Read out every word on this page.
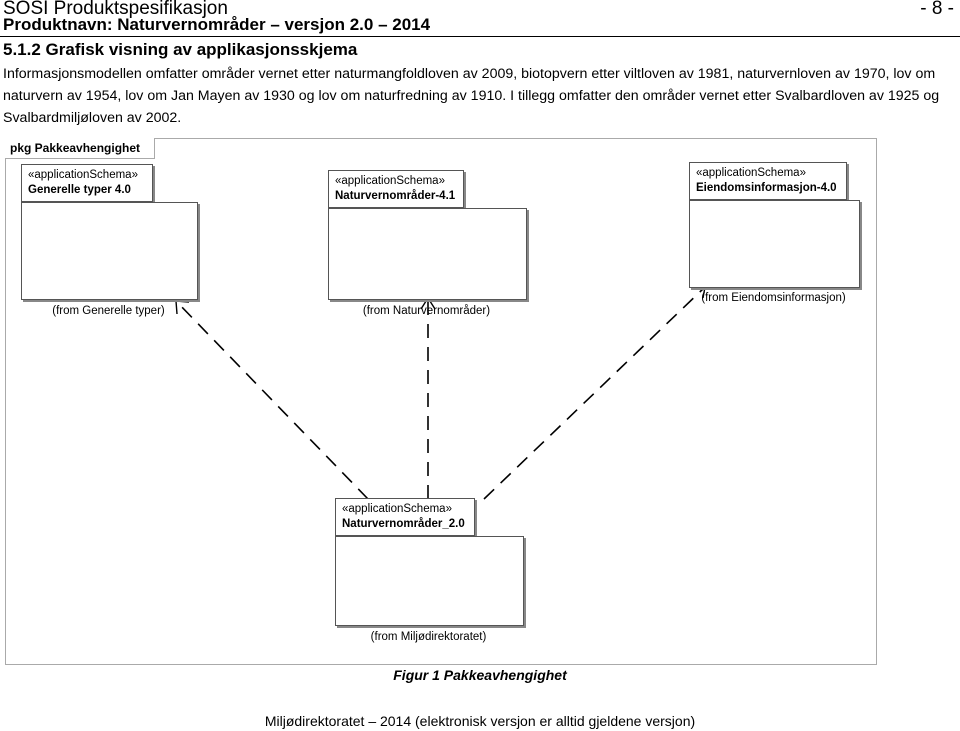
SOSI Produktspesifikasjon
Produktnavn: Naturvernområder – versjon 2.0 – 2014
- 8 -
5.1.2 Grafisk visning av applikasjonsskjema
Informasjonsmodellen omfatter områder vernet etter naturmangfoldloven av 2009, biotopvern etter viltloven av 1981, naturvernloven av 1970, lov om naturvern av 1954, lov om Jan Mayen av 1930 og lov om naturfredning av 1910. I tillegg omfatter den områder vernet etter Svalbardloven av 1925 og Svalbardmiljøloven av 2002.
pkg Pakkeavhengighet
«applicationSchema»
Generelle typer 4.0
(from Generelle typer)
«applicationSchema»
Naturvernområder-4.1
(from Naturvernområder)
«applicationSchema»
Eiendomsinformasjon-4.0
(from Eiendomsinformasjon)
«applicationSchema»
Naturvernområder_2.0
(from Miljødirektoratet)
Figur 1 Pakkeavhengighet
Miljødirektoratet – 2014 (elektronisk versjon er alltid gjeldene versjon)
